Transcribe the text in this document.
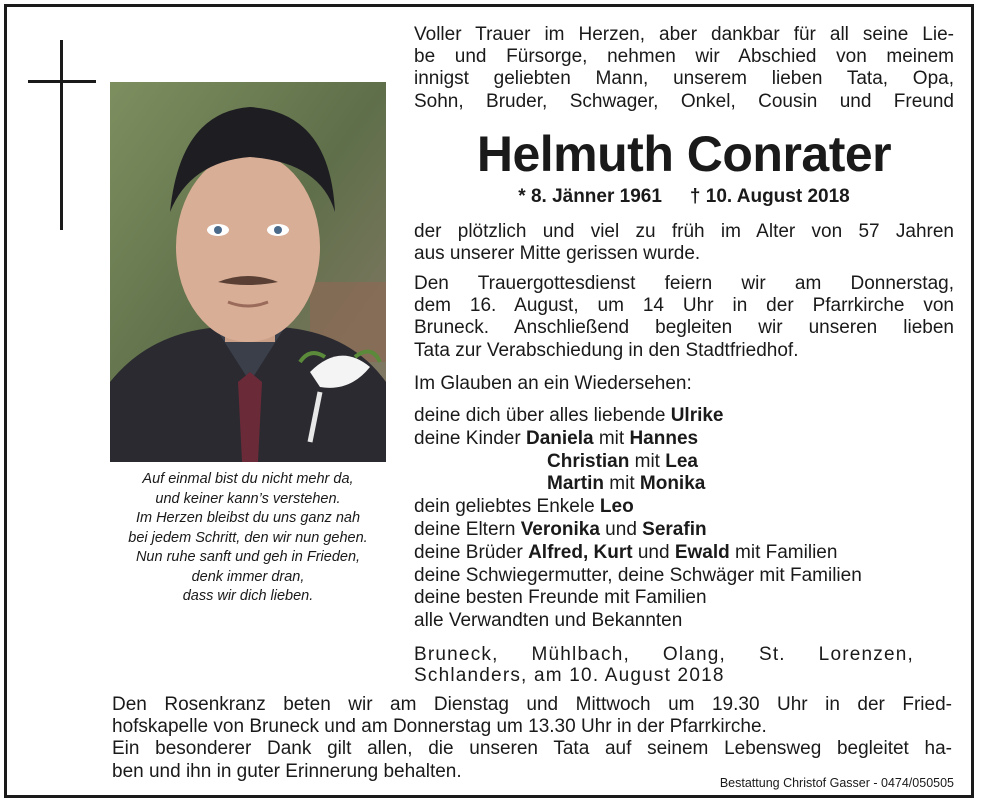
Auf einmal bist du nicht mehr da,
und keiner kann’s verstehen.
Im Herzen bleibst du uns ganz nah
bei jedem Schritt, den wir nun gehen.
Nun ruhe sanft und geh in Frieden,
denk immer dran,
dass wir dich lieben.
Voller Trauer im Herzen, aber dankbar für all seine Lie-
be und Fürsorge, nehmen wir Abschied von meinem
innigst geliebten Mann, unserem lieben Tata, Opa,
Sohn, Bruder, Schwager, Onkel, Cousin und Freund
Helmuth Conrater
* 8. Jänner 1961 † 10. August 2018
der plötzlich und viel zu früh im Alter von 57 Jahren
aus unserer Mitte gerissen wurde.
Den Trauergottesdienst feiern wir am Donnerstag,
dem 16. August, um 14 Uhr in der Pfarrkirche von
Bruneck. Anschließend begleiten wir unseren lieben
Tata zur Verabschiedung in den Stadtfriedhof.
Im Glauben an ein Wiedersehen:
deine dich über alles liebende Ulrike
deine Kinder Daniela mit Hannes
Christian mit Lea
Martin mit Monika
dein geliebtes Enkele Leo
deine Eltern Veronika und Serafin
deine Brüder Alfred, Kurt und Ewald mit Familien
deine Schwiegermutter, deine Schwäger mit Familien
deine besten Freunde mit Familien
alle Verwandten und Bekannten
Bruneck, Mühlbach, Olang, St. Lorenzen,
Schlanders, am 10. August 2018
Den Rosenkranz beten wir am Dienstag und Mittwoch um 19.30 Uhr in der Fried-
hofskapelle von Bruneck und am Donnerstag um 13.30 Uhr in der Pfarrkirche.
Ein besonderer Dank gilt allen, die unseren Tata auf seinem Lebensweg begleitet ha-
ben und ihn in guter Erinnerung behalten.
Bestattung Christof Gasser - 0474/050505
